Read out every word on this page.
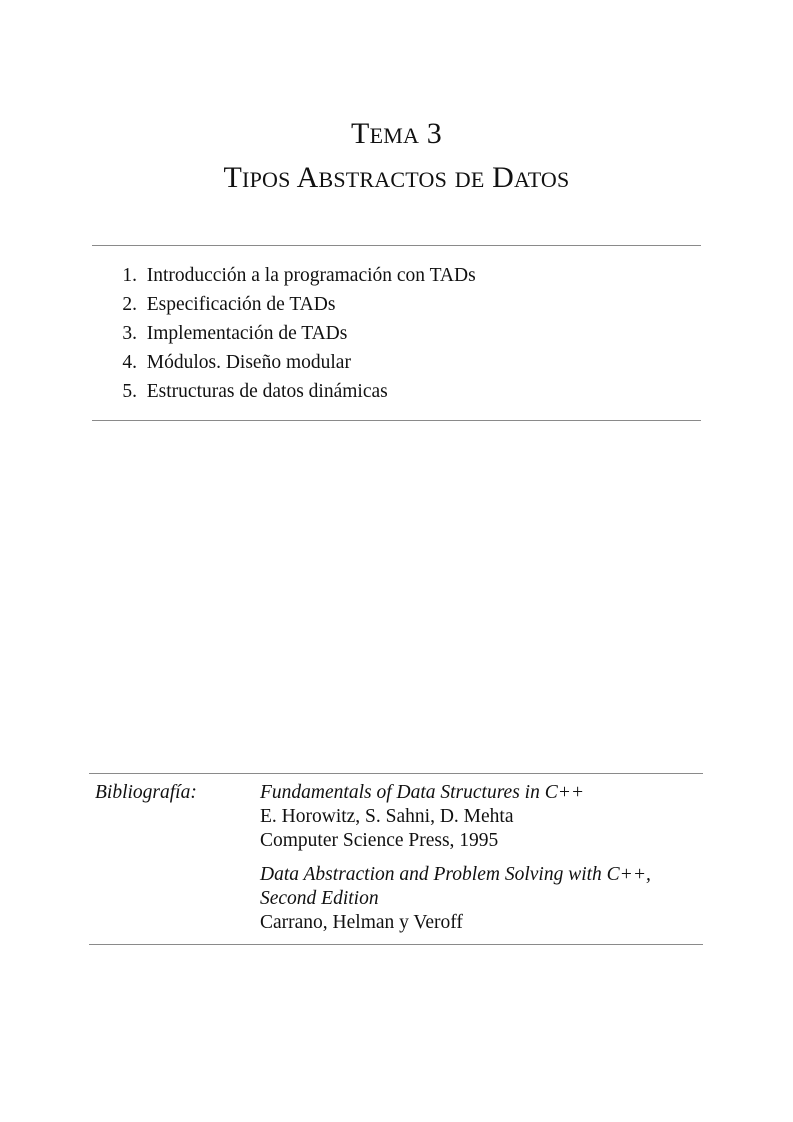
TEMA 3
TIPOS ABSTRACTOS DE DATOS
1.
Introducción a la programación con TADs
2.
Especificación de TADs
3.
Implementación de TADs
4.
Módulos. Diseño modular
5.
Estructuras de datos dinámicas
Bibliografía:	Fundamentals of Data Structures in C++
E. Horowitz, S. Sahni, D. Mehta
Computer Science Press, 1995
Data Abstraction and Problem Solving with C++, Second Edition
Carrano, Helman y Veroff
